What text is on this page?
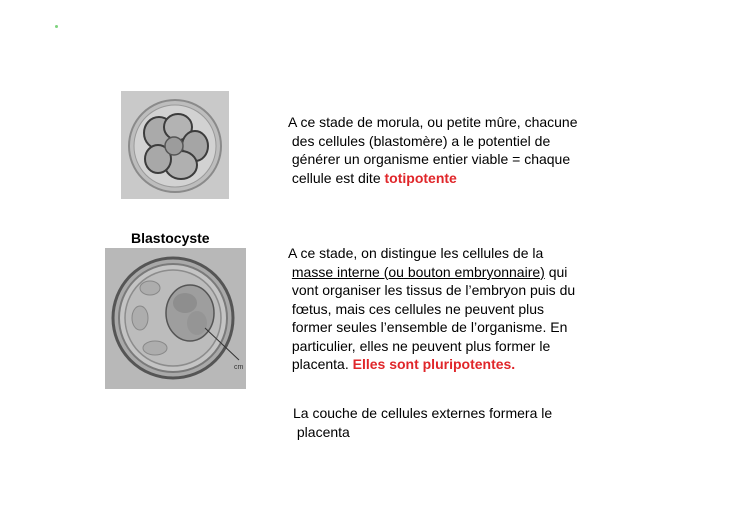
Blastocyste
cm
A ce stade de morula, ou petite mûre, chacune
des cellules (blastomère) a le potentiel de
générer un organisme entier viable = chaque
cellule est dite totipotente
A ce stade, on distingue les cellules de la
masse interne (ou bouton embryonnaire) qui
vont organiser les tissus de l’embryon puis du
fœtus, mais ces cellules ne peuvent plus
former seules l’ensemble de l’organisme. En
particulier, elles ne peuvent plus former le
placenta. Elles sont pluripotentes.
La couche de cellules externes formera le
placenta
